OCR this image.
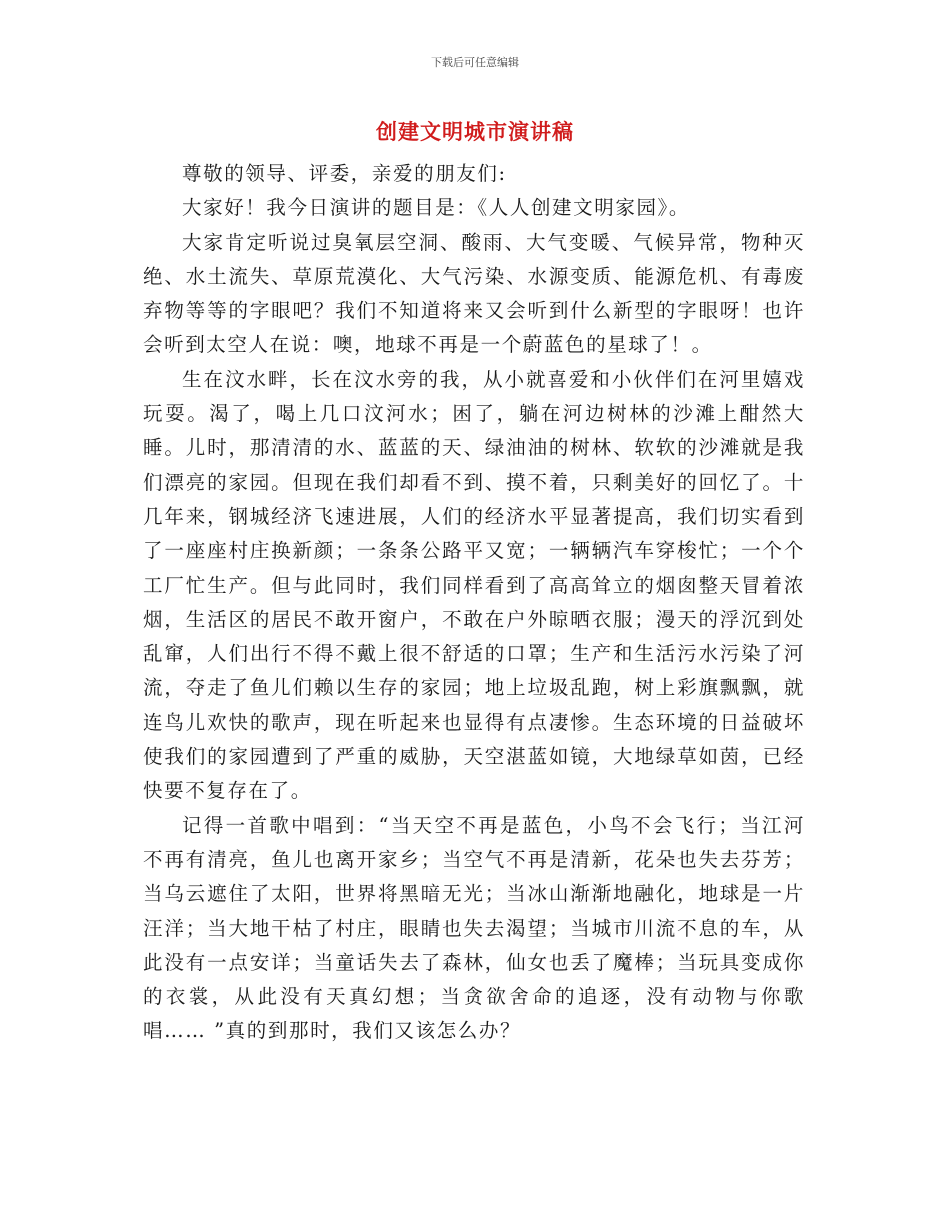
下载后可任意编辑
创建文明城市演讲稿

尊敬的领导、评委，亲爱的朋友们:

大家好！我今日演讲的题目是：《人人创建文明家园》。

大家肯定听说过臭氧层空洞、酸雨、大气变暖、气候异常，物种灭绝、水土流失、草原荒漠化、大气污染、水源变质、能源危机、有毒废弃物等等的字眼吧？我们不知道将来又会听到什么新型的字眼呀！也许会听到太空人在说：噢，地球不再是一个蔚蓝色的星球了！。

生在汶水畔，长在汶水旁的我，从小就喜爱和小伙伴们在河里嬉戏玩耍。渴了，喝上几口汶河水；困了，躺在河边树林的沙滩上酣然大睡。儿时，那清清的水、蓝蓝的天、绿油油的树林、软软的沙滩就是我们漂亮的家园。但现在我们却看不到、摸不着，只剩美好的回忆了。十几年来，钢城经济飞速进展，人们的经济水平显著提高，我们切实看到了一座座村庄换新颜；一条条公路平又宽；一辆辆汽车穿梭忙；一个个工厂忙生产。但与此同时，我们同样看到了高高耸立的烟囱整天冒着浓烟，生活区的居民不敢开窗户，不敢在户外晾晒衣服；漫天的浮沉到处乱窜，人们出行不得不戴上很不舒适的口罩；生产和生活污水污染了河流，夺走了鱼儿们赖以生存的家园；地上垃圾乱跑，树上彩旗飘飘，就连鸟儿欢快的歌声，现在听起来也显得有点凄惨。生态环境的日益破坏使我们的家园遭到了严重的威胁，天空湛蓝如镜，大地绿草如茵，已经快要不复存在了。

记得一首歌中唱到：“当天空不再是蓝色，小鸟不会飞行；当江河不再有清亮，鱼儿也离开家乡；当空气不再是清新，花朵也失去芬芳；当乌云遮住了太阳，世界将黑暗无光；当冰山渐渐地融化，地球是一片汪洋；当大地干枯了村庄，眼睛也失去渴望；当城市川流不息的车，从此没有一点安详；当童话失去了森林，仙女也丢了魔棒；当玩具变成你的衣裳，从此没有天真幻想；当贪欲舍命的追逐，没有动物与你歌唱…… ”真的到那时，我们又该怎么办？
